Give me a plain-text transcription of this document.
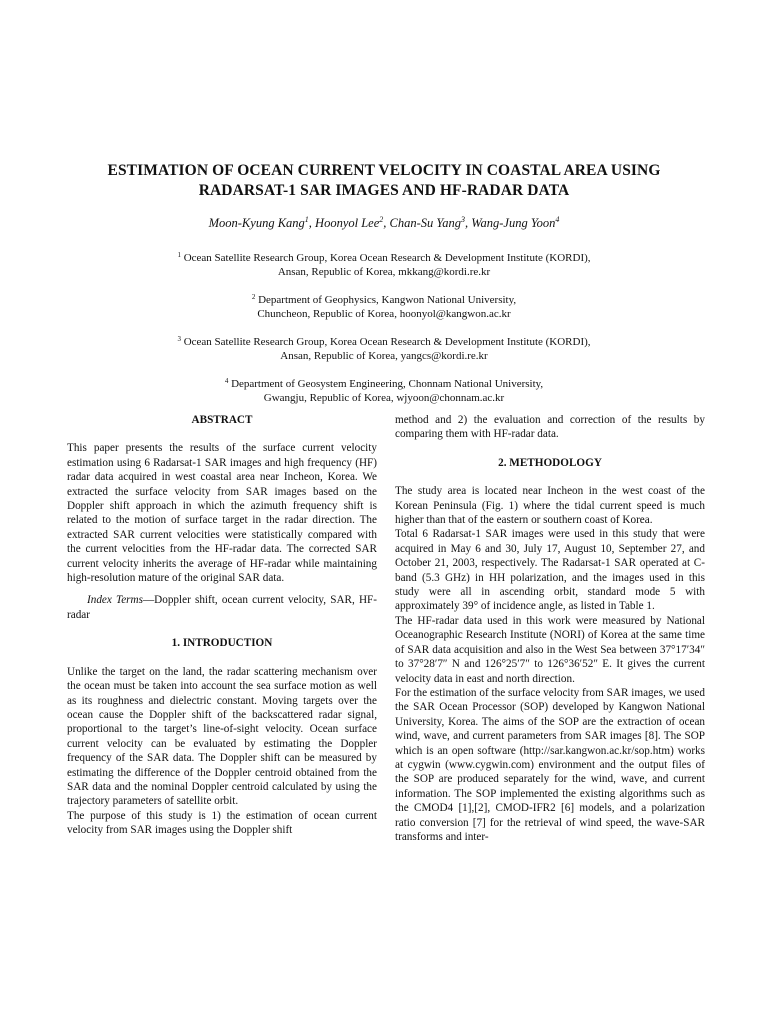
ESTIMATION OF OCEAN CURRENT VELOCITY IN COASTAL AREA USING
RADARSAT-1 SAR IMAGES AND HF-RADAR DATA
Moon-Kyung Kang$^1$, Hoonyol Lee$^2$, Chan-Su Yang$^3$, Wang-Jung Yoon$^4$
$^1$ Ocean Satellite Research Group, Korea Ocean Research & Development Institute (KORDI),
Ansan, Republic of Korea, mkkang@kordi.re.kr
$^2$ Department of Geophysics, Kangwon National University,
Chuncheon, Republic of Korea, hoonyol@kangwon.ac.kr
$^3$ Ocean Satellite Research Group, Korea Ocean Research & Development Institute (KORDI),
Ansan, Republic of Korea, yangcs@kordi.re.kr
$^4$ Department of Geosystem Engineering, Chonnam National University,
Gwangju, Republic of Korea, wjyoon@chonnam.ac.kr
ABSTRACT

This paper presents the results of the surface current velocity estimation using 6 Radarsat-1 SAR images and high frequency (HF) radar data acquired in west coastal area near Incheon, Korea. We extracted the surface velocity from SAR images based on the Doppler shift approach in which the azimuth frequency shift is related to the motion of surface target in the radar direction. The extracted SAR current velocities were statistically compared with the current velocities from the HF-radar data. The corrected SAR current velocity inherits the average of HF-radar while maintaining high-resolution mature of the original SAR data.

Index Terms—Doppler shift, ocean current velocity, SAR, HF-radar

1. INTRODUCTION

Unlike the target on the land, the radar scattering mechanism over the ocean must be taken into account the sea surface motion as well as its roughness and dielectric constant. Moving targets over the ocean cause the Doppler shift of the backscattered radar signal, proportional to the target’s line-of-sight velocity. Ocean surface current velocity can be evaluated by estimating the Doppler frequency of the SAR data. The Doppler shift can be measured by estimating the difference of the Doppler centroid obtained from the SAR data and the nominal Doppler centroid calculated by using the trajectory parameters of satellite orbit.

The purpose of this study is 1) the estimation of ocean current velocity from SAR images using the Doppler shift

method and 2) the evaluation and correction of the results by comparing them with HF-radar data.

2. METHODOLOGY

The study area is located near Incheon in the west coast of the Korean Peninsula (Fig. 1) where the tidal current speed is much higher than that of the eastern or southern coast of Korea.

Total 6 Radarsat-1 SAR images were used in this study that were acquired in May 6 and 30, July 17, August 10, September 27, and October 21, 2003, respectively. The Radarsat-1 SAR operated at C-band (5.3 GHz) in HH polarization, and the images used in this study were all in ascending orbit, standard mode 5 with approximately 39° of incidence angle, as listed in Table 1.

The HF-radar data used in this work were measured by National Oceanographic Research Institute (NORI) of Korea at the same time of SAR data acquisition and also in the West Sea between 37°17′34″ to 37°28′7″ N and 126°25′7″ to 126°36′52″ E. It gives the current velocity data in east and north direction.

For the estimation of the surface velocity from SAR images, we used the SAR Ocean Processor (SOP) developed by Kangwon National University, Korea. The aims of the SOP are the extraction of ocean wind, wave, and current parameters from SAR images [8]. The SOP which is an open software (http://sar.kangwon.ac.kr/sop.htm) works at cygwin (www.cygwin.com) environment and the output files of the SOP are produced separately for the wind, wave, and current information. The SOP implemented the existing algorithms such as the CMOD4 [1],[2], CMOD-IFR2 [6] models, and a polarization ratio conversion [7] for the retrieval of wind speed, the wave-SAR transforms and inter-
